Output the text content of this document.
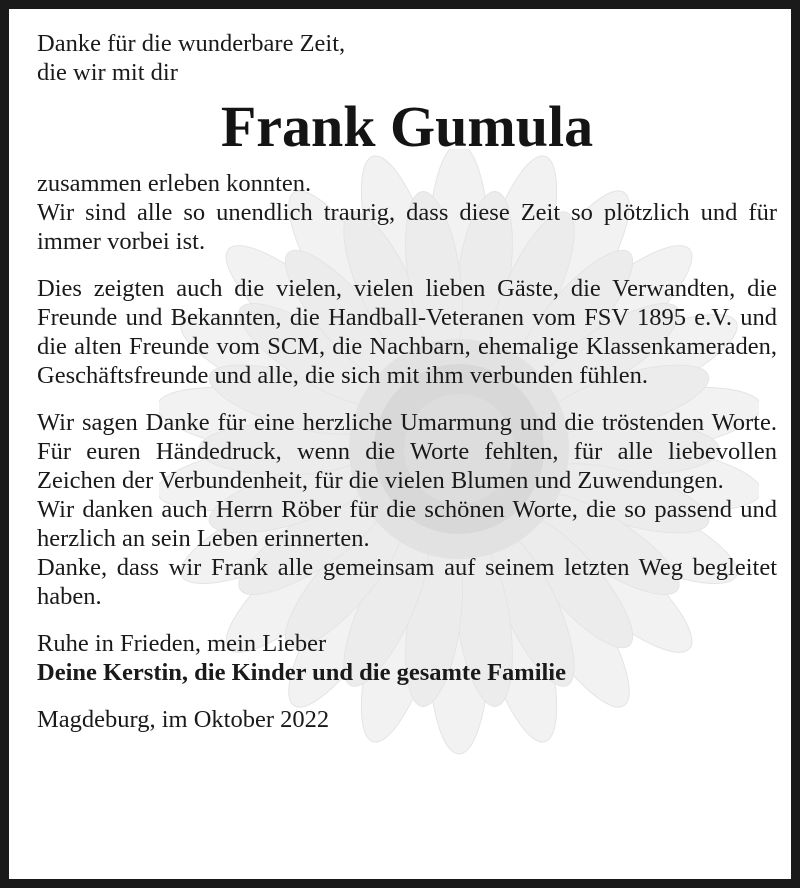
Danke für die wunderbare Zeit,

die wir mit dir

Frank Gumula

zusammen erleben konnten.

Wir sind alle so unendlich traurig, dass diese Zeit so plötzlich und für immer vorbei ist.

Dies zeigten auch die vielen, vielen lieben Gäste, die Verwandten, die Freunde und Bekannten, die Handball-Veteranen vom FSV 1895 e.V. und die alten Freunde vom SCM, die Nachbarn, ehemalige Klassenkameraden, Geschäftsfreunde und alle, die sich mit ihm verbunden fühlen.

Wir sagen Danke für eine herzliche Umarmung und die tröstenden Worte. Für euren Händedruck, wenn die Worte fehlten, für alle liebevollen Zeichen der Verbundenheit, für die vielen Blumen und Zuwendungen.

Wir danken auch Herrn Röber für die schönen Worte, die so passend und herzlich an sein Leben erinnerten.

Danke, dass wir Frank alle gemeinsam auf seinem letzten Weg begleitet haben.

Ruhe in Frieden, mein Lieber

Deine Kerstin, die Kinder und die gesamte Familie

Magdeburg, im Oktober 2022
